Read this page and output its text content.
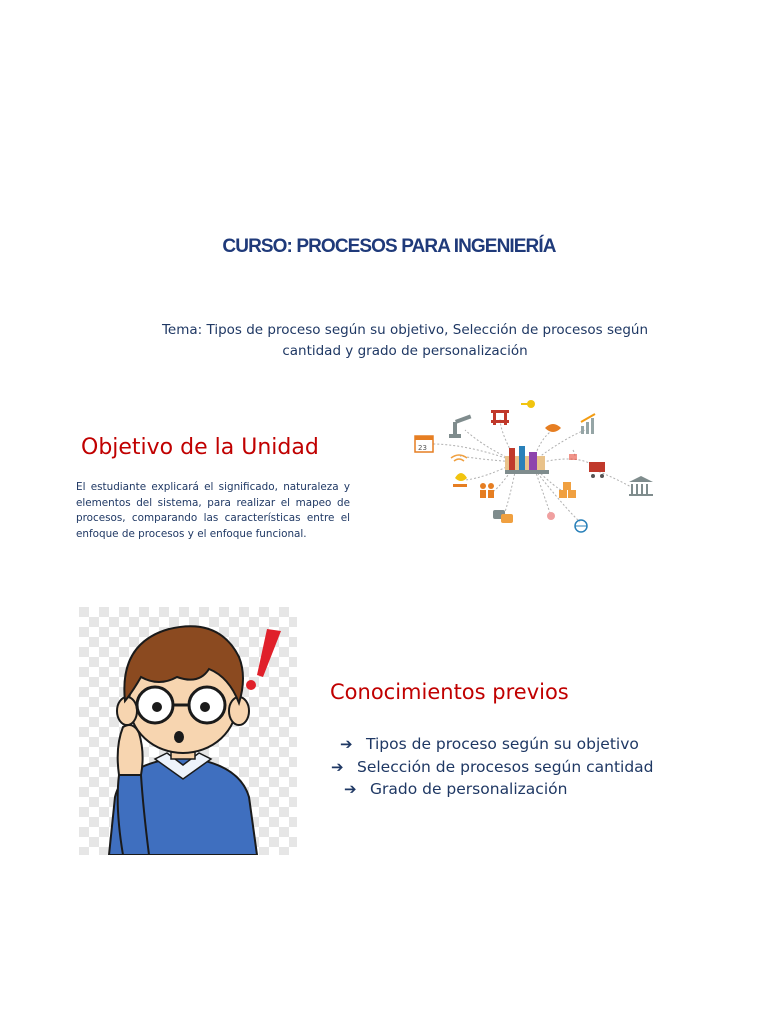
CURSO: PROCESOS PARA INGENIERÍA
Tema: Tipos de proceso según su objetivo, Selección de procesos según cantidad y grado de personalización
Objetivo de la Unidad
El estudiante explicará el significado, naturaleza y elementos del sistema, para realizar el mapeo de procesos, comparando las características entre el enfoque de procesos y el enfoque funcional.
23
Conocimientos previos
➔ Tipos de proceso según su objetivo
➔ Selección de procesos según cantidad
➔ Grado de personalización
